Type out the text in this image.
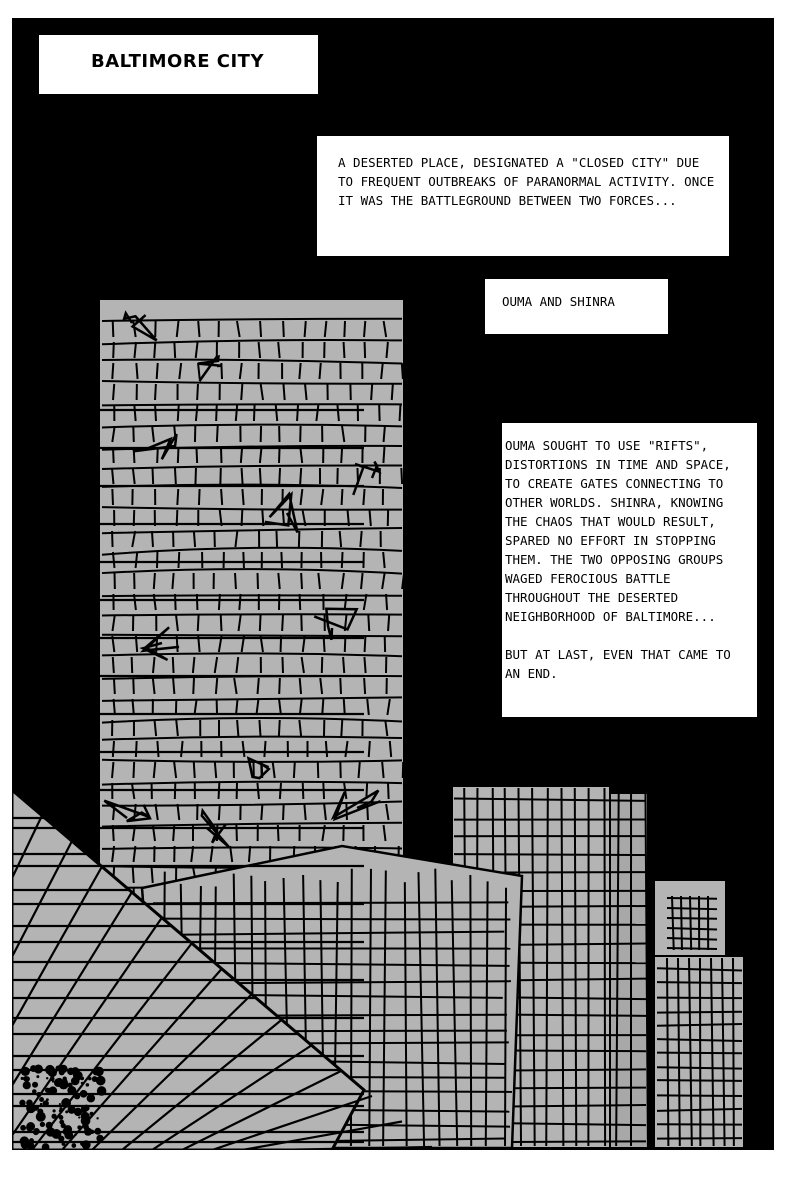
BALTIMORE CITY
A DESERTED PLACE, DESIGNATED A "CLOSED CITY" DUE TO FREQUENT OUTBREAKS OF PARANORMAL ACTIVITY. ONCE IT WAS THE BATTLEGROUND BETWEEN TWO FORCES...
OUMA AND SHINRA

OUMA SOUGHT TO USE "RIFTS", DISTORTIONS IN TIME AND SPACE, TO CREATE GATES CONNECTING TO OTHER WORLDS. SHINRA, KNOWING THE CHAOS THAT WOULD RESULT, SPARED NO EFFORT IN STOPPING THEM. THE TWO OPPOSING GROUPS WAGED FEROCIOUS BATTLE THROUGHOUT THE DESERTED NEIGHBORHOOD OF BALTIMORE...

BUT AT LAST, EVEN THAT CAME TO AN END.
